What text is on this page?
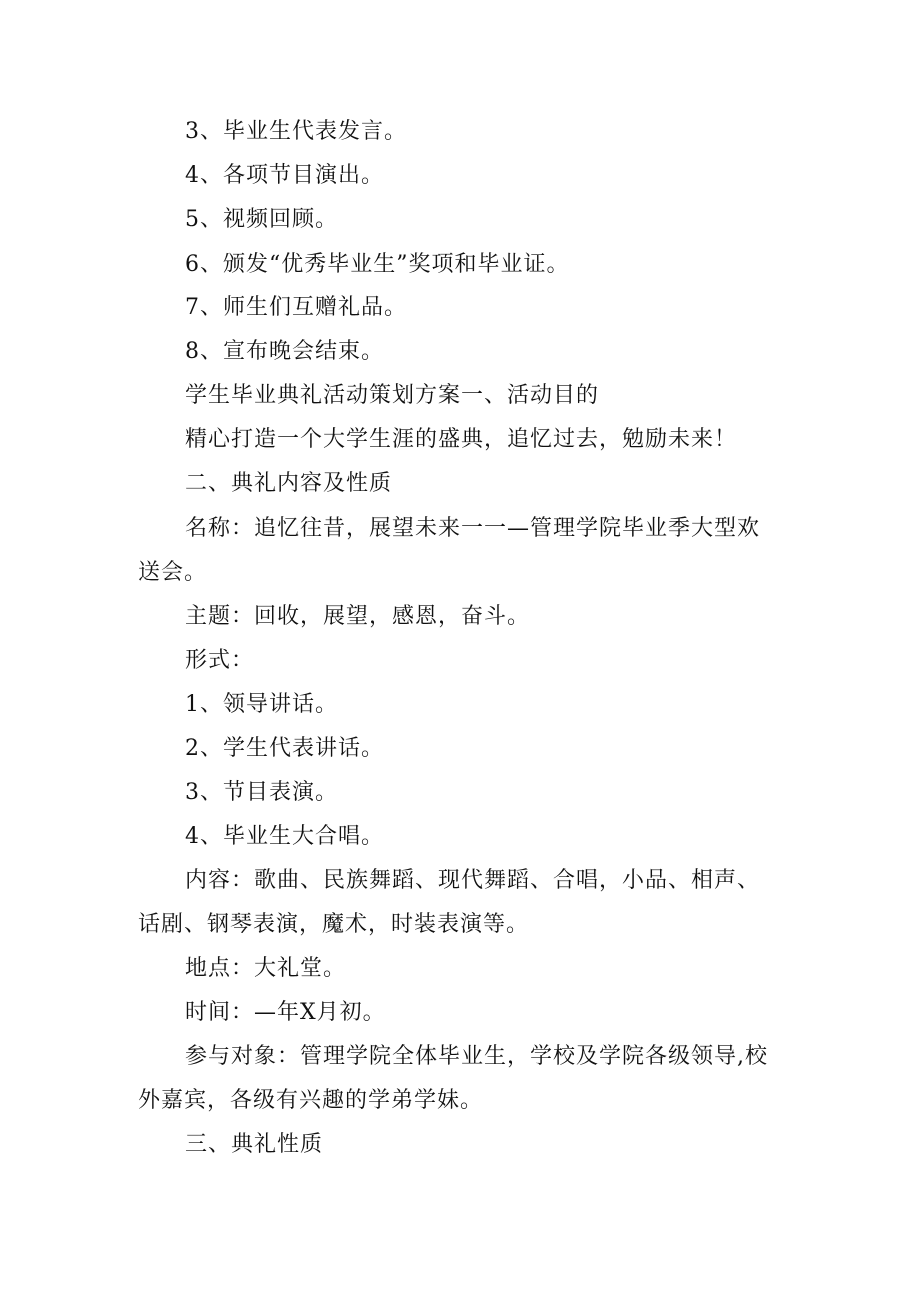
3、毕业生代表发言。
4、各项节目演出。
5、视频回顾。
6、颁发“优秀毕业生”奖项和毕业证。
7、师生们互赠礼品。
8、宣布晚会结束。
学生毕业典礼活动策划方案一、活动目的
精心打造一个大学生涯的盛典，追忆过去，勉励未来！
二、典礼内容及性质
名称：追忆往昔，展望未来一一—管理学院毕业季大型欢
送会。
主题：回收，展望，感恩，奋斗。
形式：
1、领导讲话。
2、学生代表讲话。
3、节目表演。
4、毕业生大合唱。
内容：歌曲、民族舞蹈、现代舞蹈、合唱，小品、相声、
话剧、钢琴表演，魔术，时装表演等。
地点：大礼堂。
时间：—年X月初。
参与对象：管理学院全体毕业生，学校及学院各级领导,校
外嘉宾，各级有兴趣的学弟学妹。
三、典礼性质
